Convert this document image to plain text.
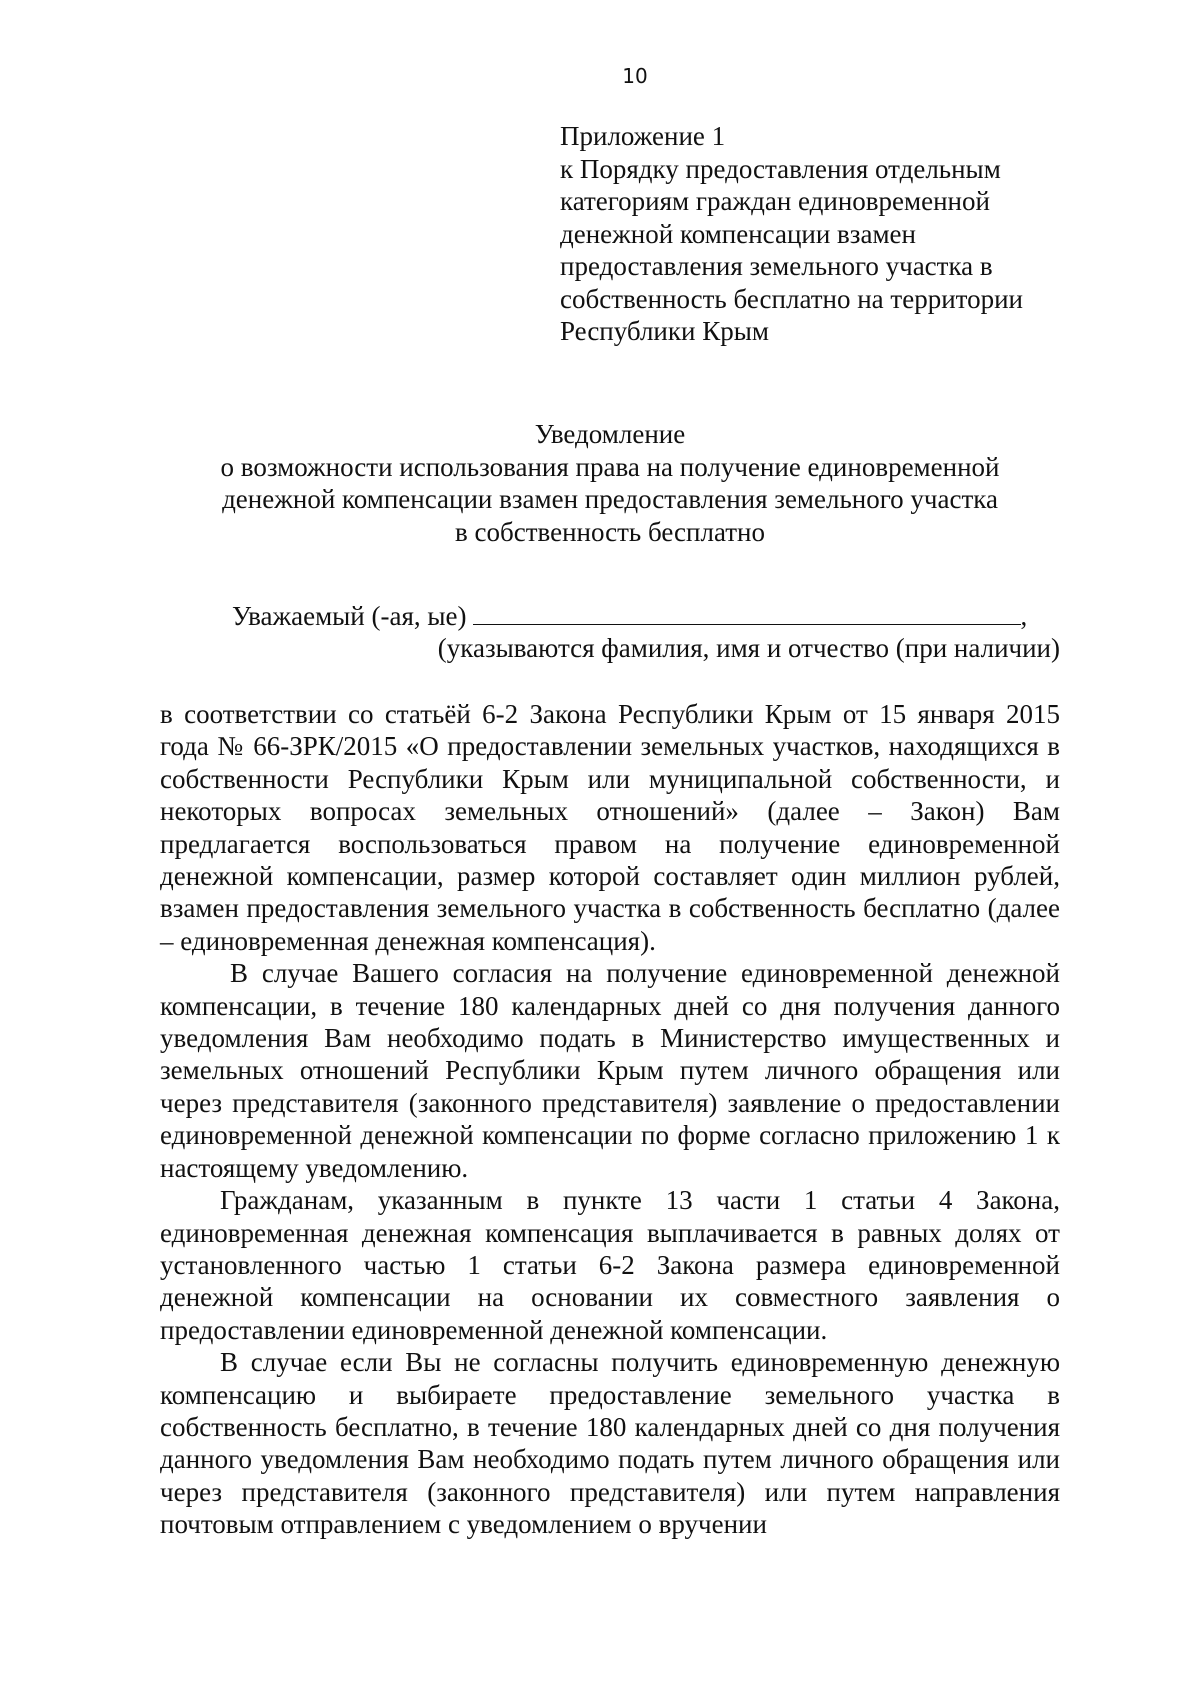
10
Приложение 1
к Порядку предоставления отдельным
категориям граждан единовременной
денежной компенсации взамен
предоставления земельного участка в
собственность бесплатно на территории
Республики Крым
Уведомление
о возможности использования права на получение единовременной
денежной компенсации взамен предоставления земельного участка
в собственность бесплатно
Уважаемый (-ая, ые)	,
(указываются фамилия, имя и отчество (при наличии)

в соответствии со статьёй 6-2 Закона Республики Крым от 15 января 2015 года № 66-ЗРК/2015 «О предоставлении земельных участков, находящихся в собственности Республики Крым или муниципальной собственности, и некоторых вопросах земельных отношений» (далее – Закон) Вам предлагается воспользоваться правом на получение единовременной денежной компенсации, размер которой составляет один миллион рублей, взамен предоставления земельного участка в собственность бесплатно (далее – единовременная денежная компенсация).

В случае Вашего согласия на получение единовременной денежной компенсации, в течение 180 календарных дней со дня получения данного уведомления Вам необходимо подать в Министерство имущественных и земельных отношений Республики Крым путем личного обращения или через представителя (законного представителя) заявление о предоставлении единовременной денежной компенсации по форме согласно приложению 1 к настоящему уведомлению.

Гражданам, указанным в пункте 13 части 1 статьи 4 Закона, единовременная денежная компенсация выплачивается в равных долях от установленного частью 1 статьи 6-2 Закона размера единовременной денежной компенсации на основании их совместного заявления о предоставлении единовременной денежной компенсации.

В случае если Вы не согласны получить единовременную денежную компенсацию и выбираете предоставление земельного участка в собственность бесплатно, в течение 180 календарных дней со дня получения данного уведомления Вам необходимо подать путем личного обращения или через представителя (законного представителя) или путем направления почтовым отправлением с уведомлением о вручении
